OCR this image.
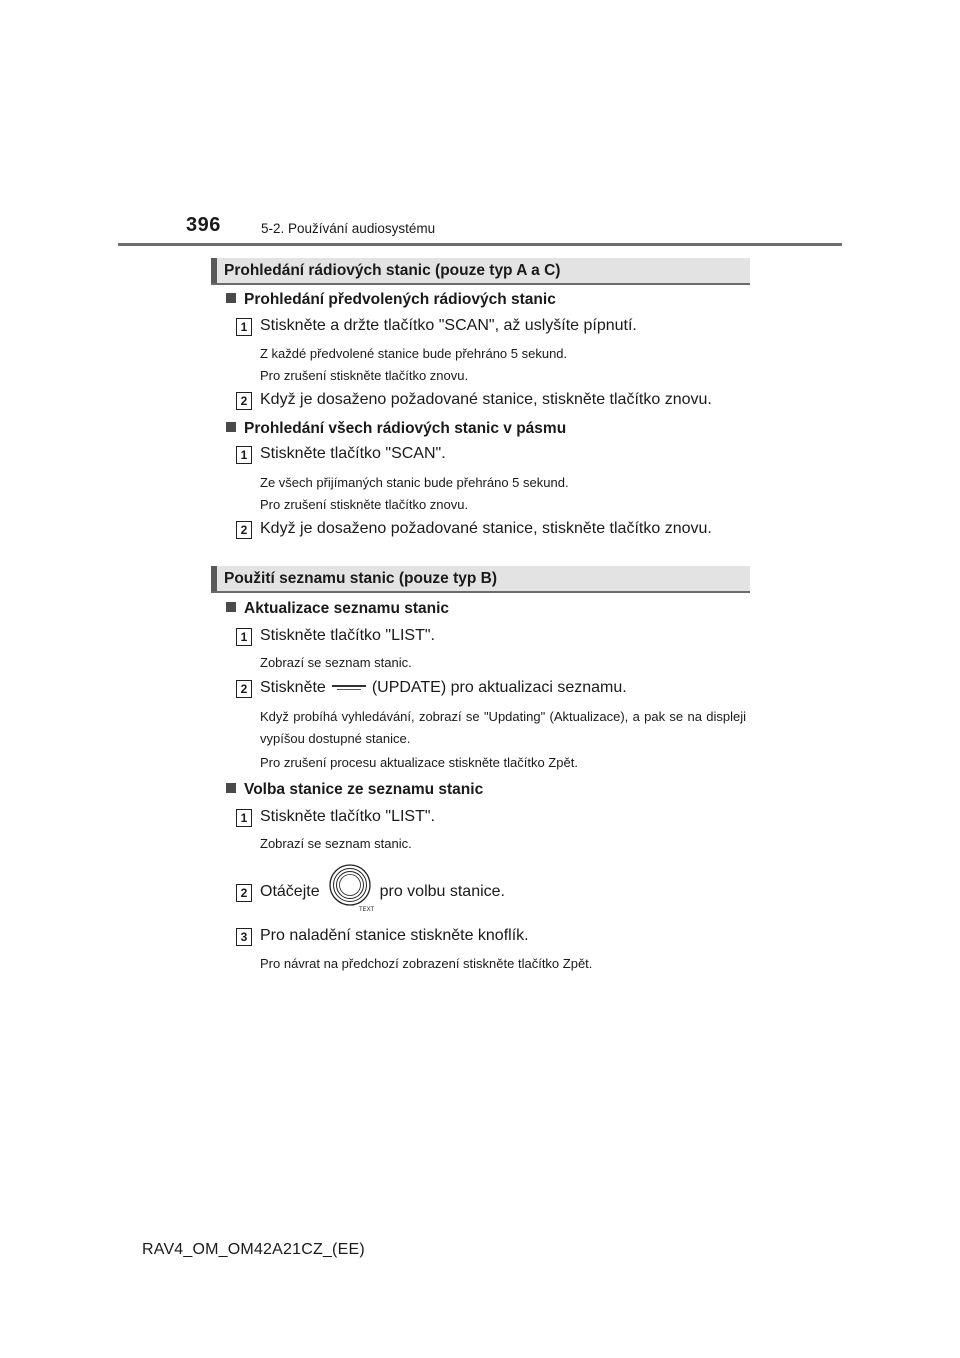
396	5-2. Používání audiosystému
Prohledání rádiových stanic (pouze typ A a C)
Prohledání předvolených rádiových stanic
1 Stiskněte a držte tlačítko "SCAN", až uslyšíte pípnutí.
Z každé předvolené stanice bude přehráno 5 sekund.
Pro zrušení stiskněte tlačítko znovu.
2 Když je dosaženo požadované stanice, stiskněte tlačítko znovu.
Prohledání všech rádiových stanic v pásmu
1 Stiskněte tlačítko "SCAN".
Ze všech přijímaných stanic bude přehráno 5 sekund.
Pro zrušení stiskněte tlačítko znovu.
2 Když je dosaženo požadované stanice, stiskněte tlačítko znovu.
Použití seznamu stanic (pouze typ B)
Aktualizace seznamu stanic
1 Stiskněte tlačítko "LIST".
Zobrazí se seznam stanic.
2 Stiskněte	(UPDATE) pro aktualizaci seznamu.
Když probíhá vyhledávání, zobrazí se "Updating" (Aktualizace), a pak se na displeji vypíšou dostupné stanice.
Pro zrušení procesu aktualizace stiskněte tlačítko Zpět.
Volba stanice ze seznamu stanic
1 Stiskněte tlačítko "LIST".
Zobrazí se seznam stanic.
2 Otáčejte
TEXT
pro volbu stanice.
3 Pro naladění stanice stiskněte knoflík.
Pro návrat na předchozí zobrazení stiskněte tlačítko Zpět.
RAV4_OM_OM42A21CZ_(EE)
